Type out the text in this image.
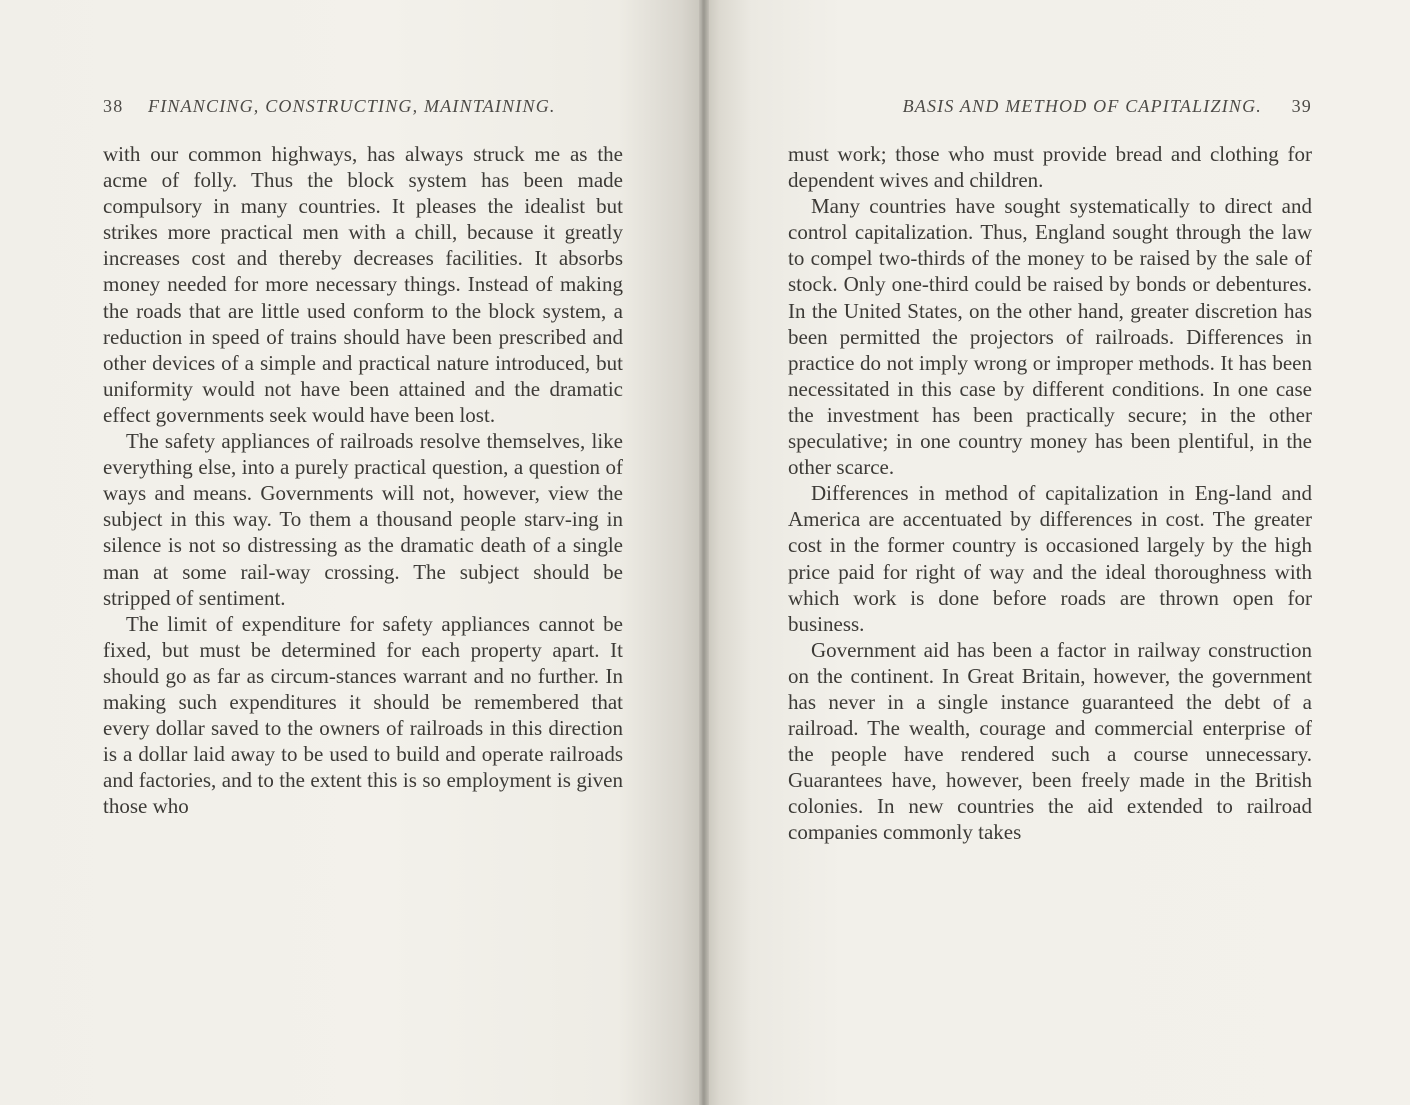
38 FINANCING, CONSTRUCTING, MAINTAINING.

with our common highways, has always struck me as the acme of folly. Thus the block system has been made compulsory in many countries. It pleases the idealist but strikes more practical men with a chill, because it greatly increases cost and thereby decreases facilities. It absorbs money needed for more necessary things. Instead of making the roads that are little used conform to the block system, a reduction in speed of trains should have been prescribed and other devices of a simple and practical nature introduced, but uniformity would not have been attained and the dramatic effect governments seek would have been lost.

The safety appliances of railroads resolve themselves, like everything else, into a purely practical question, a question of ways and means. Governments will not, however, view the subject in this way. To them a thousand people starv-ing in silence is not so distressing as the dramatic death of a single man at some rail-way crossing. The subject should be stripped of sentiment.

The limit of expenditure for safety appliances cannot be fixed, but must be determined for each property apart. It should go as far as circum-stances warrant and no further. In making such expenditures it should be remembered that every dollar saved to the owners of railroads in this direction is a dollar laid away to be used to build and operate railroads and factories, and to the extent this is so employment is given those who

BASIS AND METHOD OF CAPITALIZING. 39

must work; those who must provide bread and clothing for dependent wives and children.

Many countries have sought systematically to direct and control capitalization. Thus, England sought through the law to compel two-thirds of the money to be raised by the sale of stock. Only one-third could be raised by bonds or debentures. In the United States, on the other hand, greater discretion has been permitted the projectors of railroads. Differences in practice do not imply wrong or improper methods. It has been necessitated in this case by different conditions. In one case the investment has been practically secure; in the other speculative; in one country money has been plentiful, in the other scarce.

Differences in method of capitalization in Eng-land and America are accentuated by differences in cost. The greater cost in the former country is occasioned largely by the high price paid for right of way and the ideal thoroughness with which work is done before roads are thrown open for business.

Government aid has been a factor in railway construction on the continent. In Great Britain, however, the government has never in a single instance guaranteed the debt of a railroad. The wealth, courage and commercial enterprise of the people have rendered such a course unnecessary. Guarantees have, however, been freely made in the British colonies. In new countries the aid extended to railroad companies commonly takes
